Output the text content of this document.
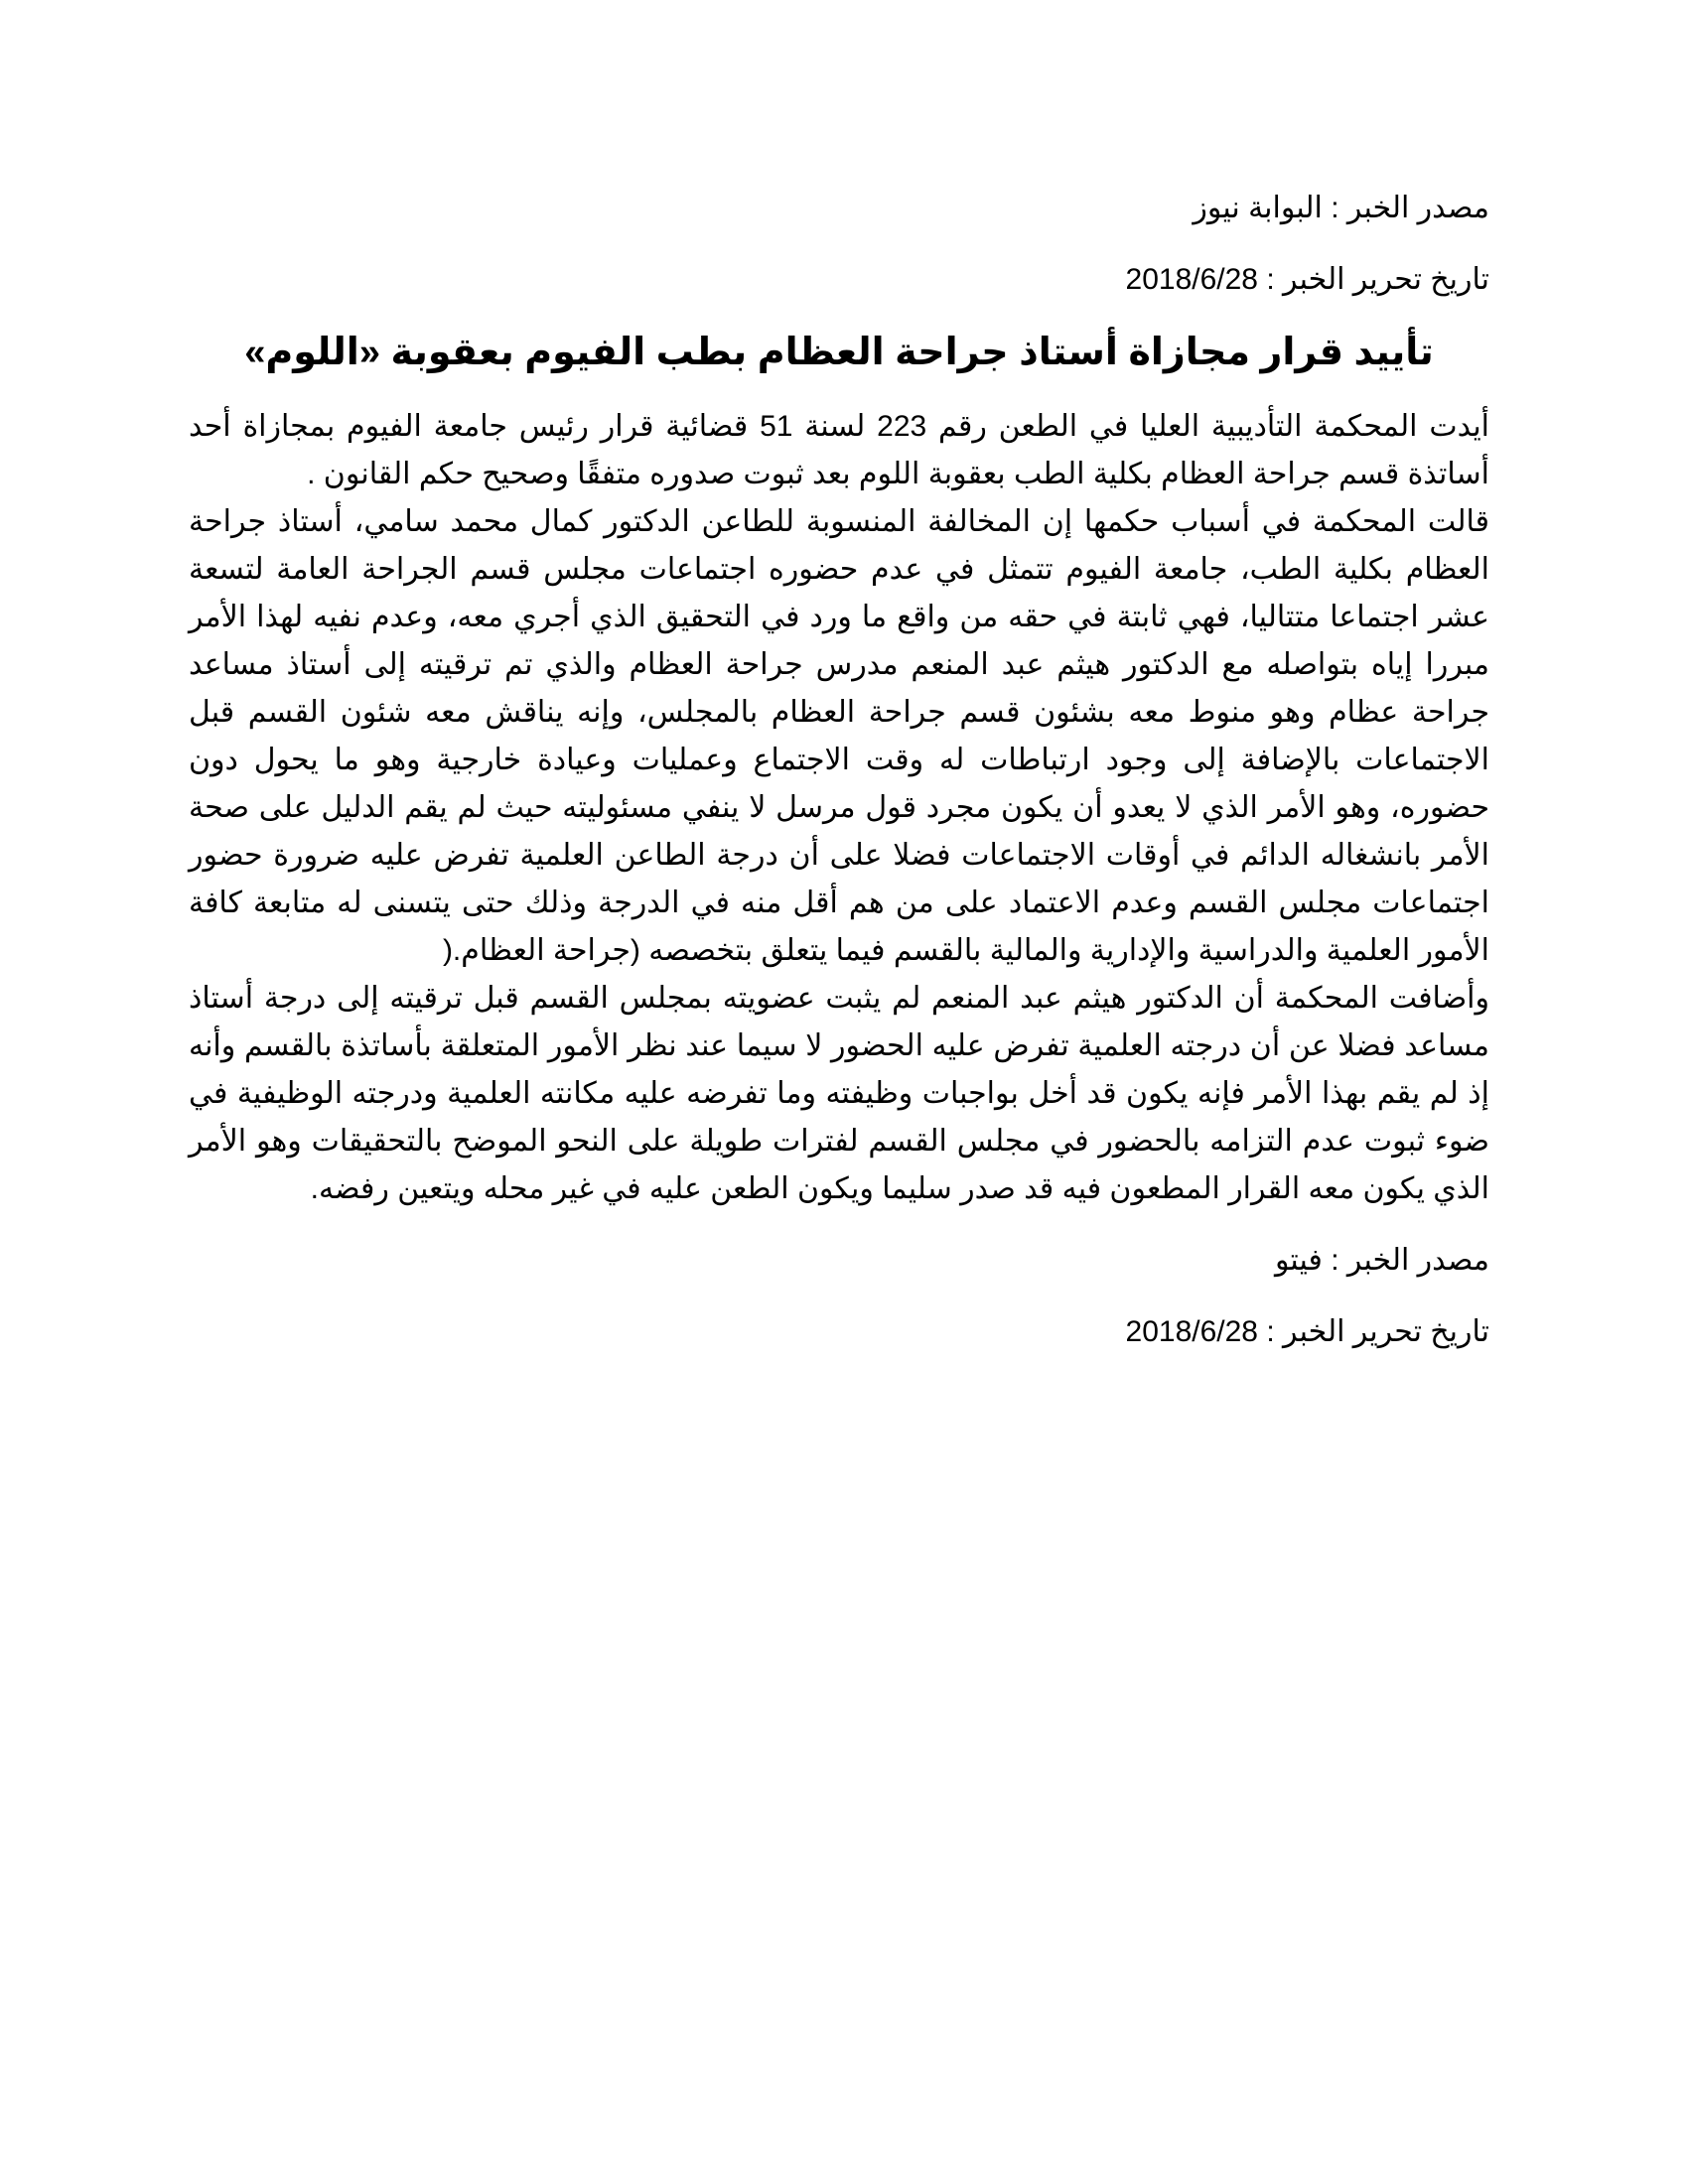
مصدر الخبر : البوابة نيوز

تاريخ تحرير الخبر : 2018/6/28

تأييد قرار مجازاة أستاذ جراحة العظام بطب الفيوم بعقوبة «اللوم»

أيدت المحكمة التأديبية العليا في الطعن رقم 223 لسنة 51 قضائية قرار رئيس جامعة الفيوم بمجازاة أحد أساتذة قسم جراحة العظام بكلية الطب بعقوبة اللوم بعد ثبوت صدوره متفقًا وصحيح حكم القانون .

قالت المحكمة في أسباب حكمها إن المخالفة المنسوبة للطاعن الدكتور كمال محمد سامي، أستاذ جراحة العظام بكلية الطب، جامعة الفيوم تتمثل في عدم حضوره اجتماعات مجلس قسم الجراحة العامة لتسعة عشر اجتماعا متتاليا، فهي ثابتة في حقه من واقع ما ورد في التحقيق الذي أجري معه، وعدم نفيه لهذا الأمر مبررا إياه بتواصله مع الدكتور هيثم عبد المنعم مدرس جراحة العظام والذي تم ترقيته إلى أستاذ مساعد جراحة عظام وهو منوط معه بشئون قسم جراحة العظام بالمجلس، وإنه يناقش معه شئون القسم قبل الاجتماعات بالإضافة إلى وجود ارتباطات له وقت الاجتماع وعمليات وعيادة خارجية وهو ما يحول دون حضوره، وهو الأمر الذي لا يعدو أن يكون مجرد قول مرسل لا ينفي مسئوليته حيث لم يقم الدليل على صحة الأمر بانشغاله الدائم في أوقات الاجتماعات فضلا على أن درجة الطاعن العلمية تفرض عليه ضرورة حضور اجتماعات مجلس القسم وعدم الاعتماد على من هم أقل منه في الدرجة وذلك حتى يتسنى له متابعة كافة الأمور العلمية والدراسية والإدارية والمالية بالقسم فيما يتعلق بتخصصه (جراحة العظام.(

وأضافت المحكمة أن الدكتور هيثم عبد المنعم لم يثبت عضويته بمجلس القسم قبل ترقيته إلى درجة أستاذ مساعد فضلا عن أن درجته العلمية تفرض عليه الحضور لا سيما عند نظر الأمور المتعلقة بأساتذة بالقسم وأنه إذ لم يقم بهذا الأمر فإنه يكون قد أخل بواجبات وظيفته وما تفرضه عليه مكانته العلمية ودرجته الوظيفية في ضوء ثبوت عدم التزامه بالحضور في مجلس القسم لفترات طويلة على النحو الموضح بالتحقيقات وهو الأمر الذي يكون معه القرار المطعون فيه قد صدر سليما ويكون الطعن عليه في غير محله ويتعين رفضه.

مصدر الخبر : فيتو

تاريخ تحرير الخبر : 2018/6/28
